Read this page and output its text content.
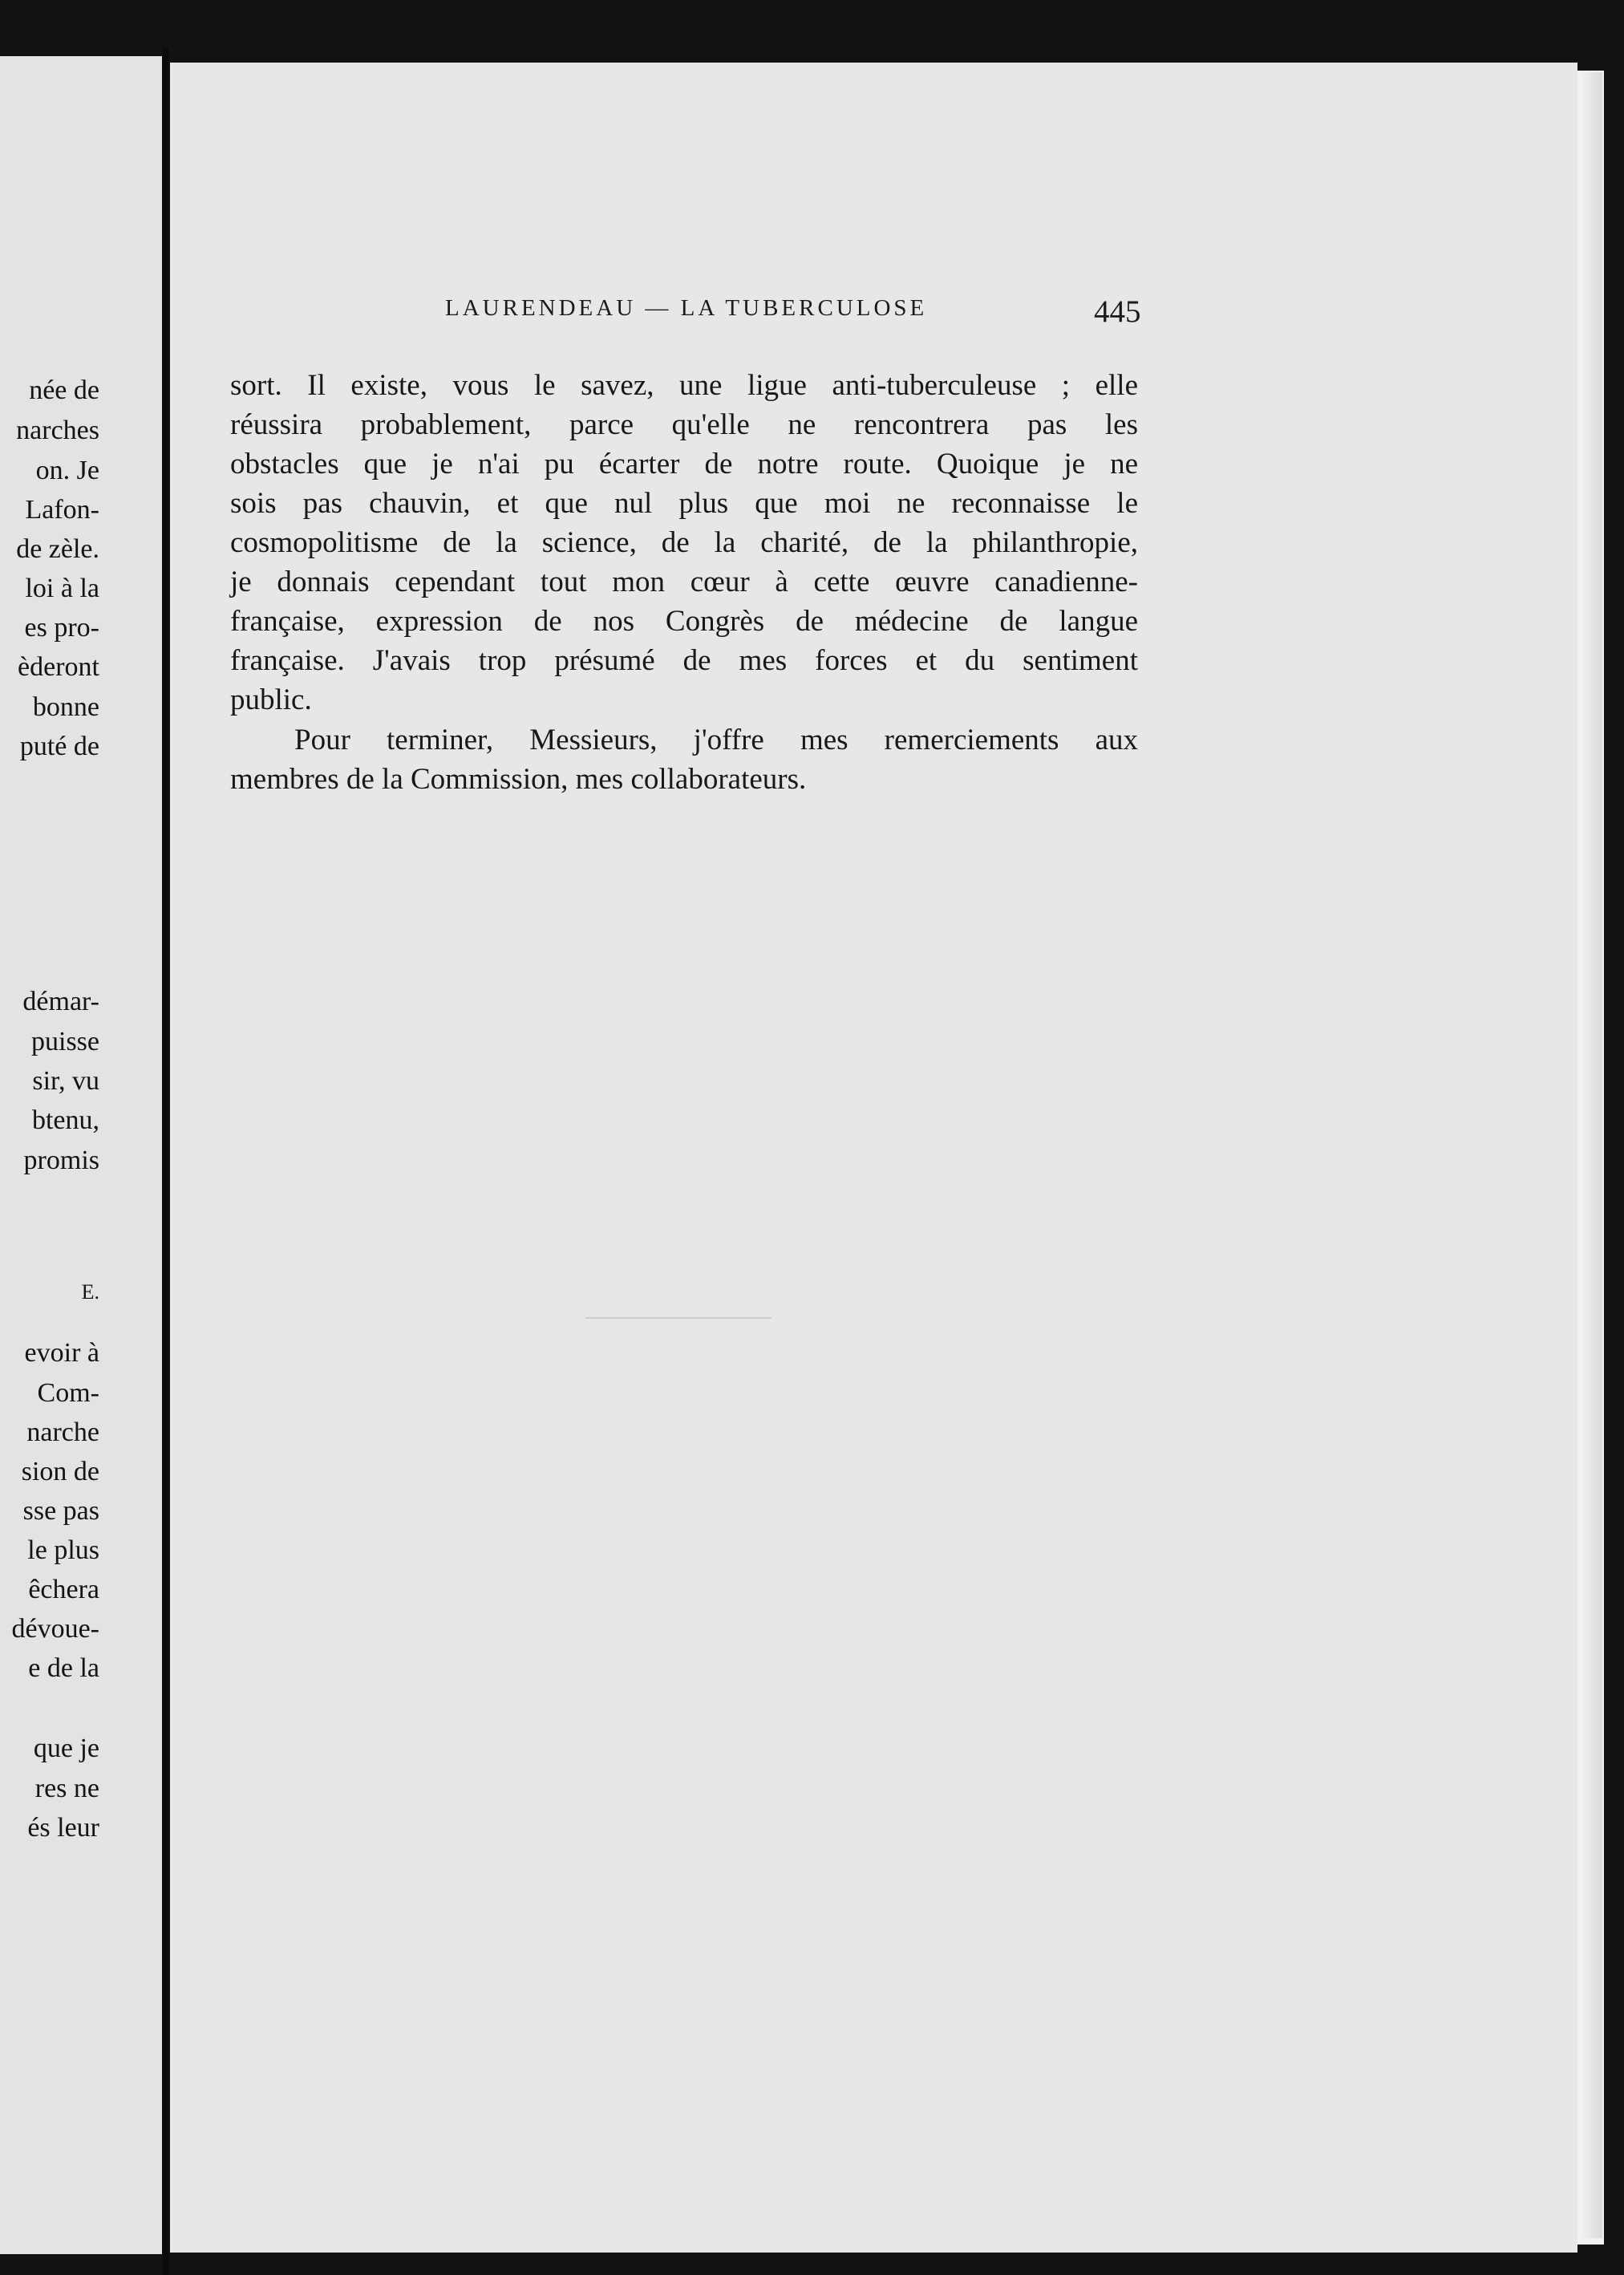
née de
narches
on. Je
Lafon-
de zèle.
loi à la
es pro-
èderont
bonne
puté de
démar-
puisse
sir, vu
btenu,
promis
E.
evoir à
Com-
narche
sion de
sse pas
le plus
êchera
dévoue-
e de la
que je
res ne
és leur
LAURENDEAU — LA TUBERCULOSE	445
sort. Il existe, vous le savez, une ligue anti-tuberculeuse ; elle
réussira probablement, parce qu'elle ne rencontrera pas les
obstacles que je n'ai pu écarter de notre route. Quoique je ne
sois pas chauvin, et que nul plus que moi ne reconnaisse le
cosmopolitisme de la science, de la charité, de la philanthropie,
je donnais cependant tout mon cœur à cette œuvre canadienne-
française, expression de nos Congrès de médecine de langue
française. J'avais trop présumé de mes forces et du sentiment
public.
Pour terminer, Messieurs, j'offre mes remerciements aux
membres de la Commission, mes collaborateurs.
